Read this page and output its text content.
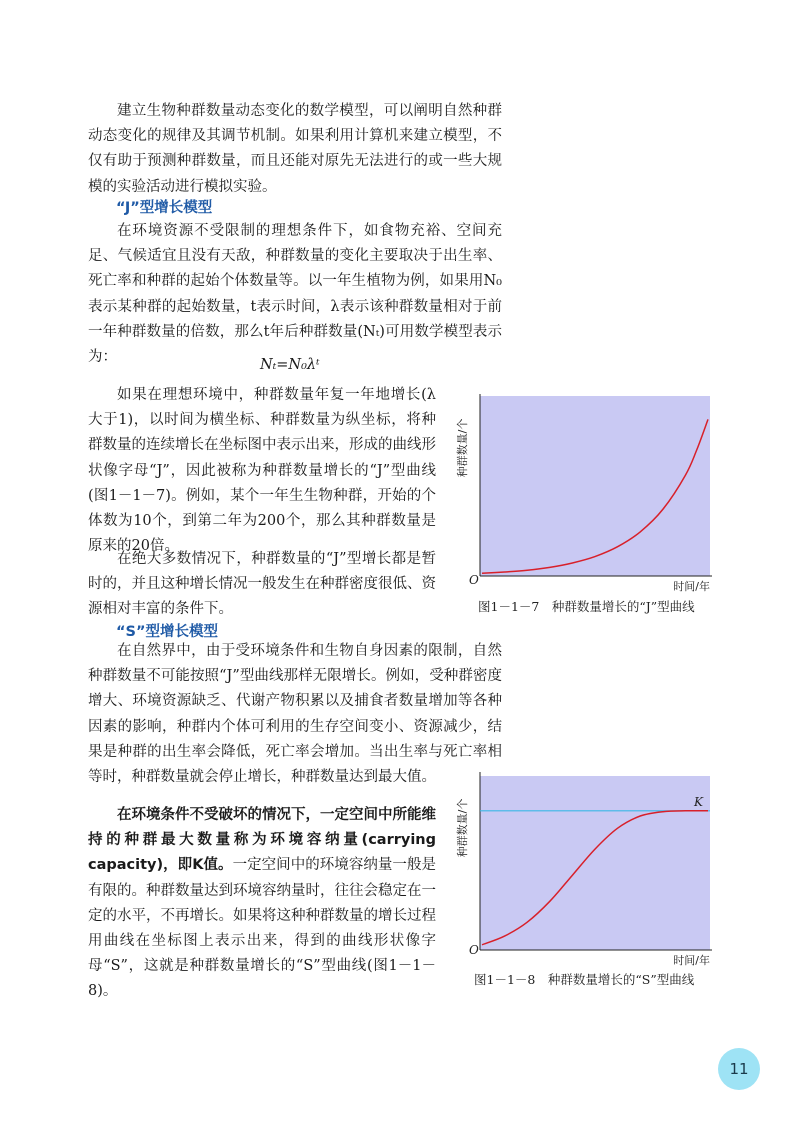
建立生物种群数量动态变化的数学模型，可以阐明自然种群动态变化的规律及其调节机制。如果利用计算机来建立模型，不仅有助于预测种群数量，而且还能对原先无法进行的或一些大规模的实验活动进行模拟实验。

“J”型增长模型

在环境资源不受限制的理想条件下，如食物充裕、空间充足、气候适宜且没有天敌，种群数量的变化主要取决于出生率、死亡率和种群的起始个体数量等。以一年生植物为例，如果用N₀表示某种群的起始数量，t表示时间，λ表示该种群数量相对于前一年种群数量的倍数，那么t年后种群数量(Nₜ)可用数学模型表示为：	Nₜ=N₀λᵗ

如果在理想环境中，种群数量年复一年地增长(λ大于1)，以时间为横坐标、种群数量为纵坐标，将种群数量的连续增长在坐标图中表示出来，形成的曲线形状像字母“J”，因此被称为种群数量增长的“J”型曲线(图1－1－7)。例如，某个一年生生物种群，开始的个体数为10个，到第二年为200个，那么其种群数量是原来的20倍。

在绝大多数情况下，种群数量的“J”型增长都是暂时的，并且这种增长情况一般发生在种群密度很低、资源相对丰富的条件下。

“S”型增长模型

在自然界中，由于受环境条件和生物自身因素的限制，自然种群数量不可能按照“J”型曲线那样无限增长。例如，受种群密度增大、环境资源缺乏、代谢产物积累以及捕食者数量增加等各种因素的影响，种群内个体可利用的生存空间变小、资源减少，结果是种群的出生率会降低，死亡率会增加。当出生率与死亡率相等时，种群数量就会停止增长，种群数量达到最大值。

在环境条件不受破坏的情况下，一定空间中所能维持的种群最大数量称为环境容纳量(carrying capacity)，即K值。一定空间中的环境容纳量一般是有限的。种群数量达到环境容纳量时，往往会稳定在一定的水平，不再增长。如果将这种种群数量的增长过程用曲线在坐标图上表示出来，得到的曲线形状像字母“S”，这就是种群数量增长的“S”型曲线(图1－1－8)。

种群数量/个
O	时间/年

图1－1－7　种群数量增长的“J”型曲线

K
种群数量/个
O
时间/年

图1－1－8　种群数量增长的“S”型曲线

11
